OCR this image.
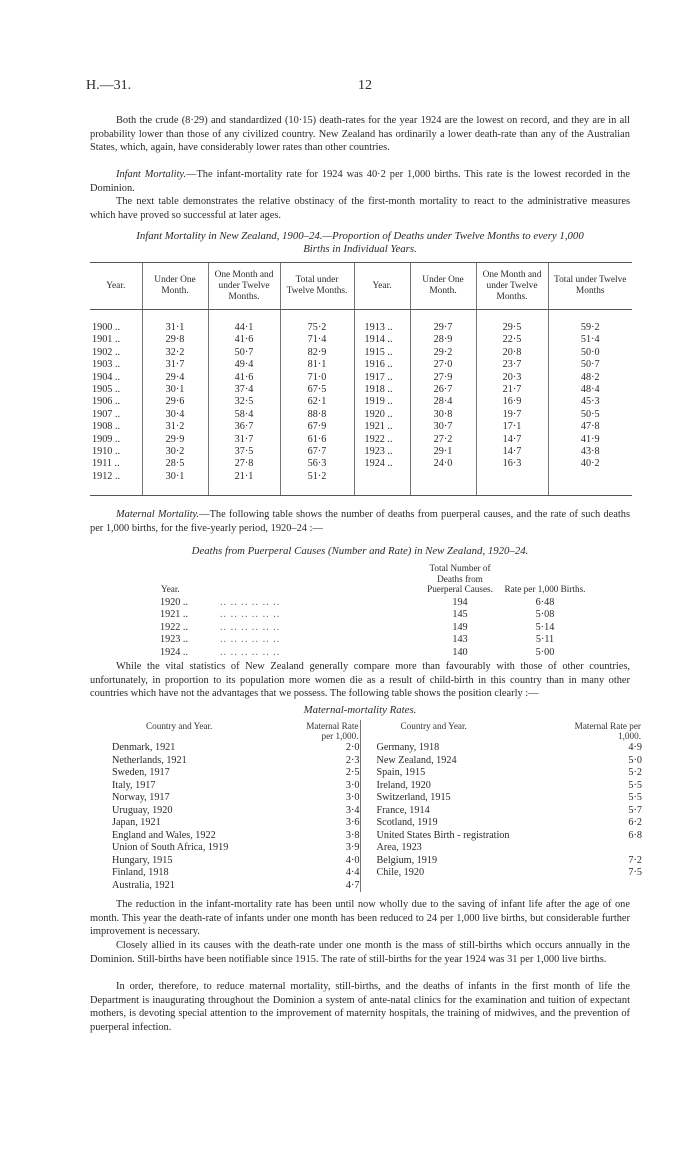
H.—31.	12

Both the crude (8·29) and standardized (10·15) death-rates for the year 1924 are the lowest on record, and they are in all probability lower than those of any civilized country. New Zealand has ordinarily a lower death-rate than any of the Australian States, which, again, have considerably lower rates than other countries.

Infant Mortality.—The infant-mortality rate for 1924 was 40·2 per 1,000 births. This rate is the lowest recorded in the Dominion.

The next table demonstrates the relative obstinacy of the first-month mortality to react to the administrative measures which have proved so successful at later ages.

Infant Mortality in New Zealand, 1900–24.—Proportion of Deaths under Twelve Months to every 1,000
Births in Individual Years.

Year.	Under One Month.	One Month and under Twelve Months.	Total under Twelve Months.	Year.	Under One Month.	One Month and under Twelve Months.	Total under Twelve Months

1900 ..	31·1	44·1	75·2	1913 ..	29·7	29·5	59·2
1901 ..	29·8	41·6	71·4	1914 ..	28·9	22·5	51·4
1902 ..	32·2	50·7	82·9	1915 ..	29·2	20·8	50·0
1903 ..	31·7	49·4	81·1	1916 ..	27·0	23·7	50·7
1904 ..	29·4	41·6	71·0	1917 ..	27·9	20·3	48·2
1905 ..	30·1	37·4	67·5	1918 ..	26·7	21·7	48·4
1906 ..	29·6	32·5	62·1	1919 ..	28·4	16·9	45·3
1907 ..	30·4	58·4	88·8	1920 ..	30·8	19·7	50·5
1908 ..	31·2	36·7	67·9	1921 ..	30·7	17·1	47·8
1909 ..	29·9	31·7	61·6	1922 ..	27·2	14·7	41·9
1910 ..	30·2	37·5	67·7	1923 ..	29·1	14·7	43·8
1911 ..	28·5	27·8	56·3	1924 ..	24·0	16·3	40·2
1912 ..	30·1	21·1	51·2				

Maternal Mortality.—The following table shows the number of deaths from puerperal causes, and the rate of such deaths per 1,000 births, for the five-yearly period, 1920–24 :—

Deaths from Puerperal Causes (Number and Rate) in New Zealand, 1920–24.

Year.		Total Number of Deaths from Puerperal Causes.	Rate per 1,000 Births.
1920 ..	.. .. .. .. .. ..	194	6·48
1921 ..	.. .. .. .. .. ..	145	5·08
1922 ..	.. .. .. .. .. ..	149	5·14
1923 ..	.. .. .. .. .. ..	143	5·11
1924 ..	.. .. .. .. .. ..	140	5·00

While the vital statistics of New Zealand generally compare more than favourably with those of other countries, unfortunately, in proportion to its population more women die as a result of child-birth in this country than in many other countries which have not the advantages that we possess. The following table shows the position clearly :—

Maternal-mortality Rates.

Country and Year.	Maternal Rate per 1,000.	Country and Year.	Maternal Rate per 1,000.
Denmark, 1921	2·0	Germany, 1918	4·9
Netherlands, 1921	2·3	New Zealand, 1924	5·0
Sweden, 1917	2·5	Spain, 1915	5·2
Italy, 1917	3·0	Ireland, 1920	5·5
Norway, 1917	3·0	Switzerland, 1915	5·5
Uruguay, 1920	3·4	France, 1914	5·7
Japan, 1921	3·6	Scotland, 1919	6·2
England and Wales, 1922	3·8	United States Birth - registration	6·8
Union of South Africa, 1919	3·9	Area, 1923	
Hungary, 1915	4·0	Belgium, 1919	7·2
Finland, 1918	4·4	Chile, 1920	7·5
Australia, 1921	4·7		

The reduction in the infant-mortality rate has been until now wholly due to the saving of infant life after the age of one month. This year the death-rate of infants under one month has been reduced to 24 per 1,000 live births, but considerable further improvement is necessary.

Closely allied in its causes with the death-rate under one month is the mass of still-births which occurs annually in the Dominion. Still-births have been notifiable since 1915. The rate of still-births for the year 1924 was 31 per 1,000 live births.

In order, therefore, to reduce maternal mortality, still-births, and the deaths of infants in the first month of life the Department is inaugurating throughout the Dominion a system of ante-natal clinics for the examination and tuition of expectant mothers, is devoting special attention to the improvement of maternity hospitals, the training of midwives, and the prevention of puerperal infection.
